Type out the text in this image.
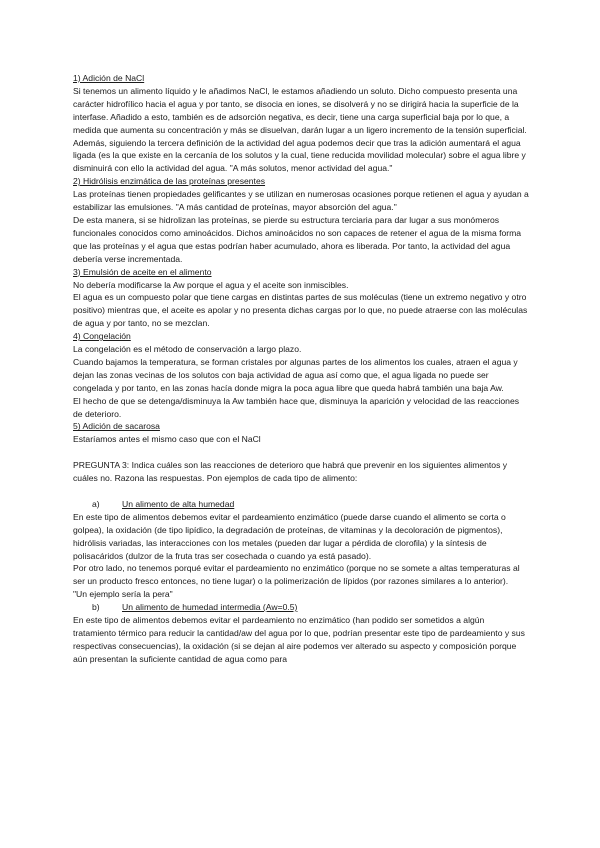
1) Adición de NaCl

Si tenemos un alimento líquido y le añadimos NaCl, le estamos añadiendo un soluto. Dicho compuesto presenta una carácter hidrofílico hacia el agua y por tanto, se disocia en iones, se disolverá y no se dirigirá hacia la superficie de la interfase. Añadido a esto, también es de adsorción negativa, es decir, tiene una carga superficial baja por lo que, a medida que aumenta su concentración y más se disuelvan, darán lugar a un ligero incremento de la tensión superficial.

Además, siguiendo la tercera definición de la actividad del agua podemos decir que tras la adición aumentará el agua ligada (es la que existe en la cercanía de los solutos y la cual, tiene reducida movilidad molecular) sobre el agua libre y disminuirá con ello la actividad del agua. "A más solutos, menor actividad del agua."

2) Hidrólisis enzimática de las proteínas presentes

Las proteínas tienen propiedades gelificantes y se utilizan en numerosas ocasiones porque retienen el agua y ayudan a estabilizar las emulsiones. "A más cantidad de proteínas, mayor absorción del agua."

De esta manera, si se hidrolizan las proteínas, se pierde su estructura terciaria para dar lugar a sus monómeros funcionales conocidos como aminoácidos. Dichos aminoácidos no son capaces de retener el agua de la misma forma que las proteínas y el agua que estas podrían haber acumulado, ahora es liberada. Por tanto, la actividad del agua debería verse incrementada.

3) Emulsión de aceite en el alimento

No debería modificarse la Aw porque el agua y el aceite son inmiscibles.

El agua es un compuesto polar que tiene cargas en distintas partes de sus moléculas (tiene un extremo negativo y otro positivo) mientras que, el aceite es apolar y no presenta dichas cargas por lo que, no puede atraerse con las moléculas de agua y por tanto, no se mezclan.

4) Congelación

La congelación es el método de conservación a largo plazo.

Cuando bajamos la temperatura, se forman cristales por algunas partes de los alimentos los cuales, atraen el agua y dejan las zonas vecinas de los solutos con baja actividad de agua así como que, el agua ligada no puede ser congelada y por tanto, en las zonas hacía donde migra la poca agua libre que queda habrá también una baja Aw.

El hecho de que se detenga/disminuya la Aw también hace que, disminuya la aparición y velocidad de las reacciones de deterioro.

5) Adición de sacarosa

Estaríamos antes el mismo caso que con el NaCl

PREGUNTA 3: Indica cuáles son las reacciones de deterioro que habrá que prevenir en los siguientes alimentos y cuáles no. Razona las respuestas. Pon ejemplos de cada tipo de alimento:

a)	Un alimento de alta humedad

En este tipo de alimentos debemos evitar el pardeamiento enzimático (puede darse cuando el alimento se corta o golpea), la oxidación (de tipo lipídico, la degradación de proteínas, de vitaminas y la decoloración de pigmentos), hidrólisis variadas, las interacciones con los metales (pueden dar lugar a pérdida de clorofila) y la síntesis de polisacáridos (dulzor de la fruta tras ser cosechada o cuando ya está pasado).

Por otro lado, no tenemos porqué evitar el pardeamiento no enzimático (porque no se somete a altas temperaturas al ser un producto fresco entonces, no tiene lugar) o la polimerización de lípidos (por razones similares a lo anterior).

"Un ejemplo sería la pera"

b)	Un alimento de humedad intermedia (Aw=0.5)

En este tipo de alimentos debemos evitar el pardeamiento no enzimático (han podido ser sometidos a algún tratamiento térmico para reducir la cantidad/aw del agua por lo que, podrían presentar este tipo de pardeamiento y sus respectivas consecuencias), la oxidación (si se dejan al aire podemos ver alterado su aspecto y composición porque aún presentan la suficiente cantidad de agua como para
